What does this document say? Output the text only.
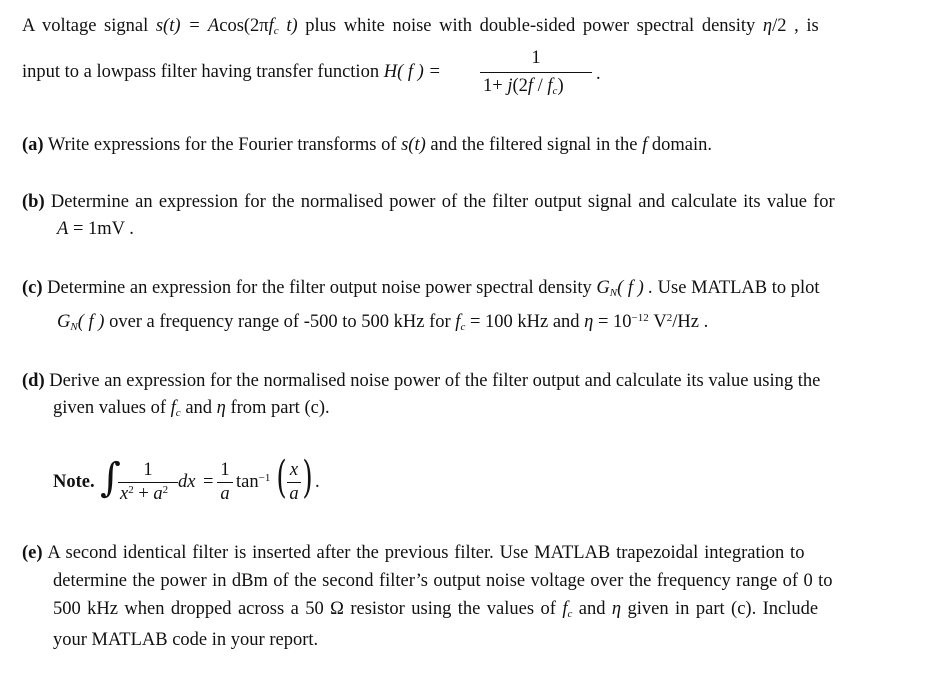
A voltage signal $s(t) = Acos(2\pi f_c$ t) plus white noise with double-sided power spectral density η/2 , is
input to a lowpass filter having transfer function H( f ) =
1
$1+ j(2f / f_c)$
.
(a) Write expressions for the Fourier transforms of s(t) and the filtered signal in the f domain.
(b) Determine an expression for the normalised power of the filter output signal and calculate its value for
A = 1mV .
(c) Determine an expression for the filter output noise power spectral density $G_N$( f ) . Use MATLAB to plot
$G_N$( f ) over a frequency range of -500 to 500 kHz for $f_c = 100$ kHz and $\eta = 10^{-12}$ $V^2/Hz$ .
(d) Derive an expression for the normalised noise power of the filter output and calculate its value using the
given values of $f_c$ and η from part (c).
Note. ∫	1
$x^2 + a^2$ dx =
1
a
$\tan^{-1}$ ( x
a ) .
(e) A second identical filter is inserted after the previous filter. Use MATLAB trapezoidal integration to
determine the power in dBm of the second filter’s output noise voltage over the frequency range of 0 to
500 kHz when dropped across a 50 Ω resistor using the values of $f_c$ and η given in part (c). Include
your MATLAB code in your report.
